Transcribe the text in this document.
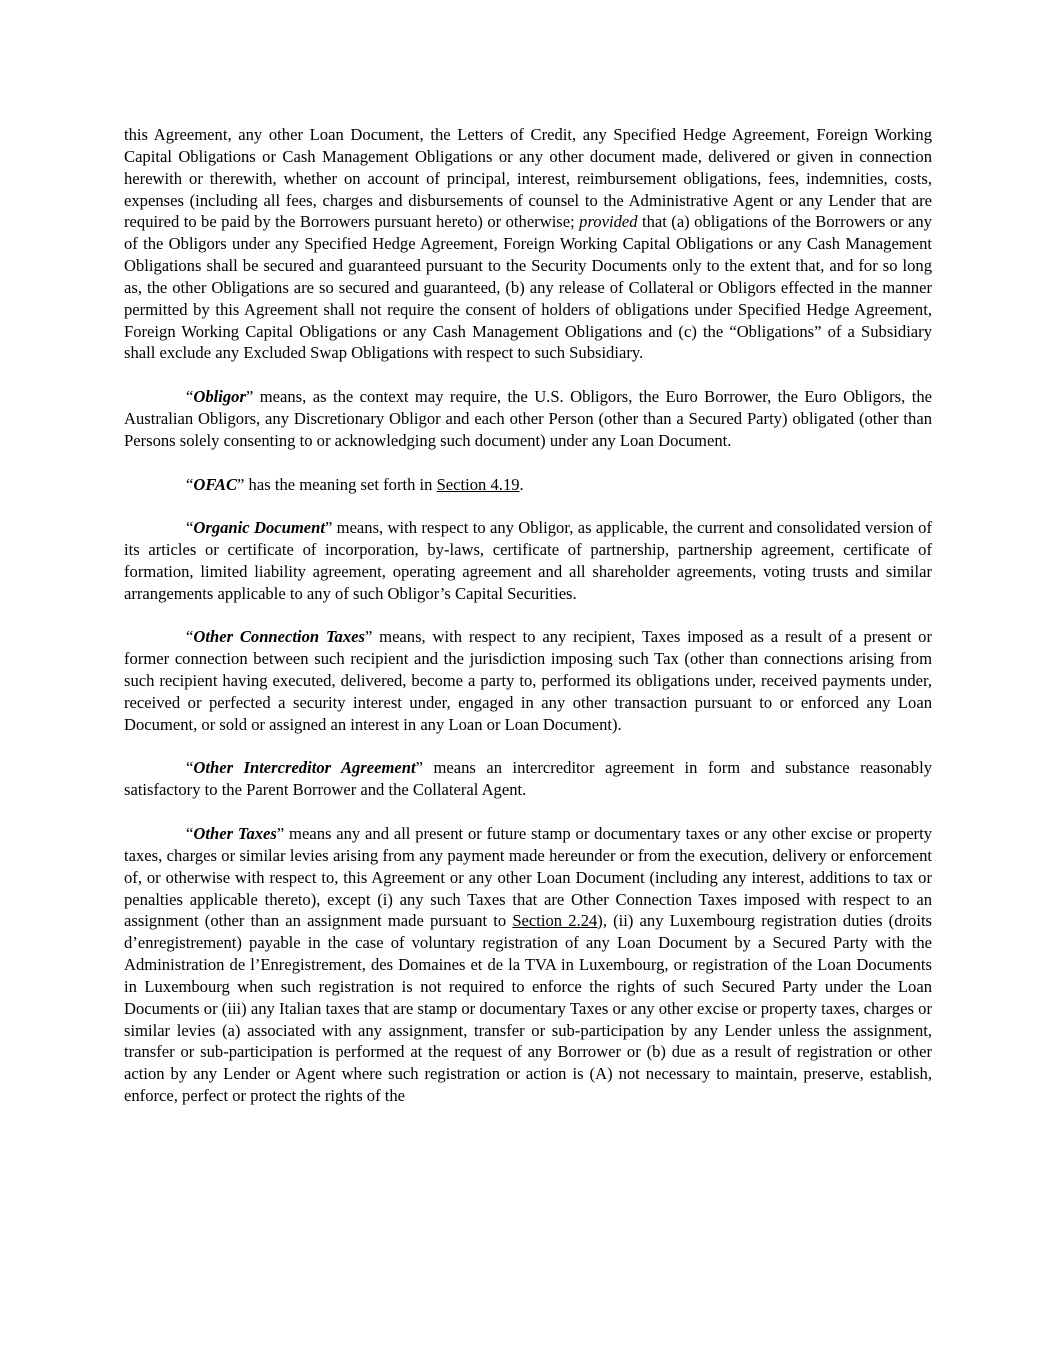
this Agreement, any other Loan Document, the Letters of Credit, any Specified Hedge Agreement, Foreign Working Capital Obligations or Cash Management Obligations or any other document made, delivered or given in connection herewith or therewith, whether on account of principal, interest, reimbursement obligations, fees, indemnities, costs, expenses (including all fees, charges and disbursements of counsel to the Administrative Agent or any Lender that are required to be paid by the Borrowers pursuant hereto) or otherwise; provided that (a) obligations of the Borrowers or any of the Obligors under any Specified Hedge Agreement, Foreign Working Capital Obligations or any Cash Management Obligations shall be secured and guaranteed pursuant to the Security Documents only to the extent that, and for so long as, the other Obligations are so secured and guaranteed, (b) any release of Collateral or Obligors effected in the manner permitted by this Agreement shall not require the consent of holders of obligations under Specified Hedge Agreement, Foreign Working Capital Obligations or any Cash Management Obligations and (c) the “Obligations” of a Subsidiary shall exclude any Excluded Swap Obligations with respect to such Subsidiary.

“Obligor” means, as the context may require, the U.S. Obligors, the Euro Borrower, the Euro Obligors, the Australian Obligors, any Discretionary Obligor and each other Person (other than a Secured Party) obligated (other than Persons solely consenting to or acknowledging such document) under any Loan Document.

“OFAC” has the meaning set forth in Section 4.19.

“Organic Document” means, with respect to any Obligor, as applicable, the current and consolidated version of its articles or certificate of incorporation, by-laws, certificate of partnership, partnership agreement, certificate of formation, limited liability agreement, operating agreement and all shareholder agreements, voting trusts and similar arrangements applicable to any of such Obligor’s Capital Securities.

“Other Connection Taxes” means, with respect to any recipient, Taxes imposed as a result of a present or former connection between such recipient and the jurisdiction imposing such Tax (other than connections arising from such recipient having executed, delivered, become a party to, performed its obligations under, received payments under, received or perfected a security interest under, engaged in any other transaction pursuant to or enforced any Loan Document, or sold or assigned an interest in any Loan or Loan Document).

“Other Intercreditor Agreement” means an intercreditor agreement in form and substance reasonably satisfactory to the Parent Borrower and the Collateral Agent.

“Other Taxes” means any and all present or future stamp or documentary taxes or any other excise or property taxes, charges or similar levies arising from any payment made hereunder or from the execution, delivery or enforcement of, or otherwise with respect to, this Agreement or any other Loan Document (including any interest, additions to tax or penalties applicable thereto), except (i) any such Taxes that are Other Connection Taxes imposed with respect to an assignment (other than an assignment made pursuant to Section 2.24), (ii) any Luxembourg registration duties (droits d’enregistrement) payable in the case of voluntary registration of any Loan Document by a Secured Party with the Administration de l’Enregistrement, des Domaines et de la TVA in Luxembourg, or registration of the Loan Documents in Luxembourg when such registration is not required to enforce the rights of such Secured Party under the Loan Documents or (iii) any Italian taxes that are stamp or documentary Taxes or any other excise or property taxes, charges or similar levies (a) associated with any assignment, transfer or sub-participation by any Lender unless the assignment, transfer or sub-participation is performed at the request of any Borrower or (b) due as a result of registration or other action by any Lender or Agent where such registration or action is (A) not necessary to maintain, preserve, establish, enforce, perfect or protect the rights of the
